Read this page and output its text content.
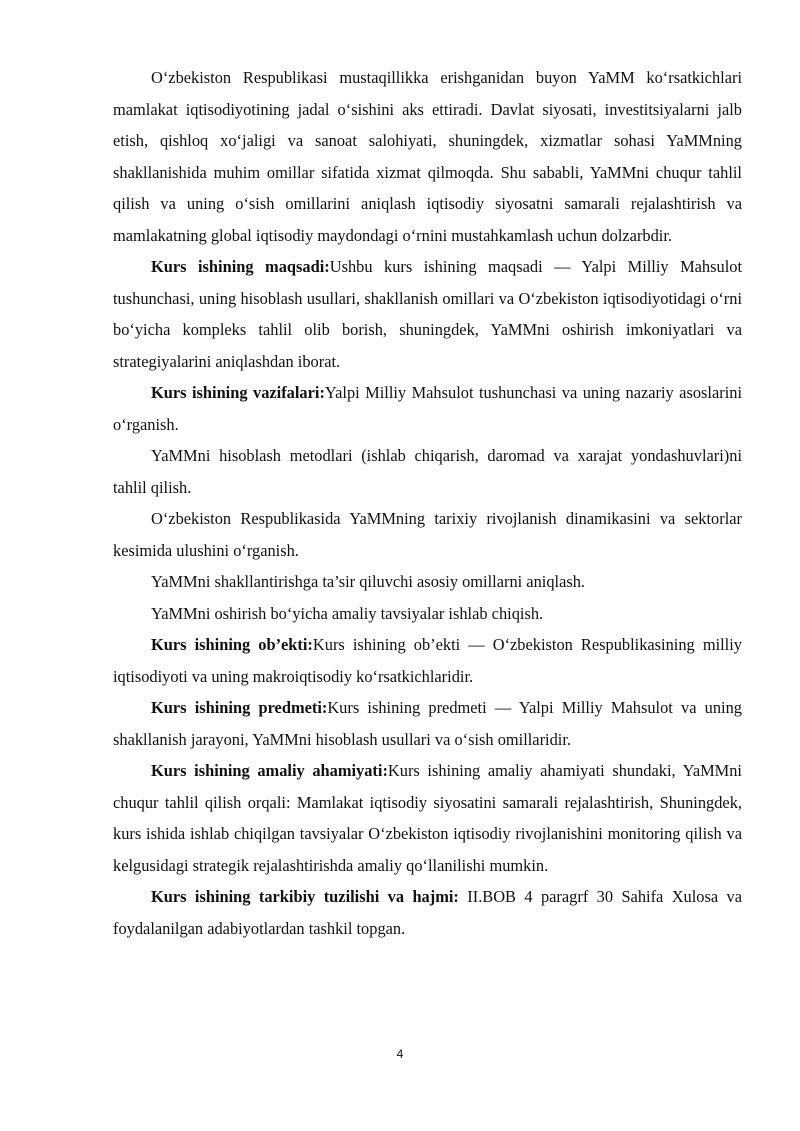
O‘zbekiston Respublikasi mustaqillikka erishganidan buyon YaMM ko‘rsatkichlari mamlakat iqtisodiyotining jadal o‘sishini aks ettiradi. Davlat siyosati, investitsiyalarni jalb etish, qishloq xo‘jaligi va sanoat salohiyati, shuningdek, xizmatlar sohasi YaMMning shakllanishida muhim omillar sifatida xizmat qilmoqda. Shu sababli, YaMMni chuqur tahlil qilish va uning o‘sish omillarini aniqlash iqtisodiy siyosatni samarali rejalashtirish va mamlakatning global iqtisodiy maydondagi o‘rnini mustahkamlash uchun dolzarbdir.

Kurs ishining maqsadi:Ushbu kurs ishining maqsadi — Yalpi Milliy Mahsulot tushunchasi, uning hisoblash usullari, shakllanish omillari va O‘zbekiston iqtisodiyotidagi o‘rni bo‘yicha kompleks tahlil olib borish, shuningdek, YaMMni oshirish imkoniyatlari va strategiyalarini aniqlashdan iborat.

Kurs ishining vazifalari:Yalpi Milliy Mahsulot tushunchasi va uning nazariy asoslarini o‘rganish.

YaMMni hisoblash metodlari (ishlab chiqarish, daromad va xarajat yondashuvlari)ni tahlil qilish.

O‘zbekiston Respublikasida YaMMning tarixiy rivojlanish dinamikasini va sektorlar kesimida ulushini o‘rganish.

YaMMni shakllantirishga ta’sir qiluvchi asosiy omillarni aniqlash.

YaMMni oshirish bo‘yicha amaliy tavsiyalar ishlab chiqish.

Kurs ishining ob’ekti:Kurs ishining ob’ekti — O‘zbekiston Respublikasining milliy iqtisodiyoti va uning makroiqtisodiy ko‘rsatkichlaridir.

Kurs ishining predmeti:Kurs ishining predmeti — Yalpi Milliy Mahsulot va uning shakllanish jarayoni, YaMMni hisoblash usullari va o‘sish omillaridir.

Kurs ishining amaliy ahamiyati:Kurs ishining amaliy ahamiyati shundaki, YaMMni chuqur tahlil qilish orqali: Mamlakat iqtisodiy siyosatini samarali rejalashtirish, Shuningdek, kurs ishida ishlab chiqilgan tavsiyalar O‘zbekiston iqtisodiy rivojlanishini monitoring qilish va kelgusidagi strategik rejalashtirishda amaliy qo‘llanilishi mumkin.

Kurs ishining tarkibiy tuzilishi va hajmi: II.BOB 4 paragrf 30 Sahifa Xulosa va foydalanilgan adabiyotlardan tashkil topgan.

4
